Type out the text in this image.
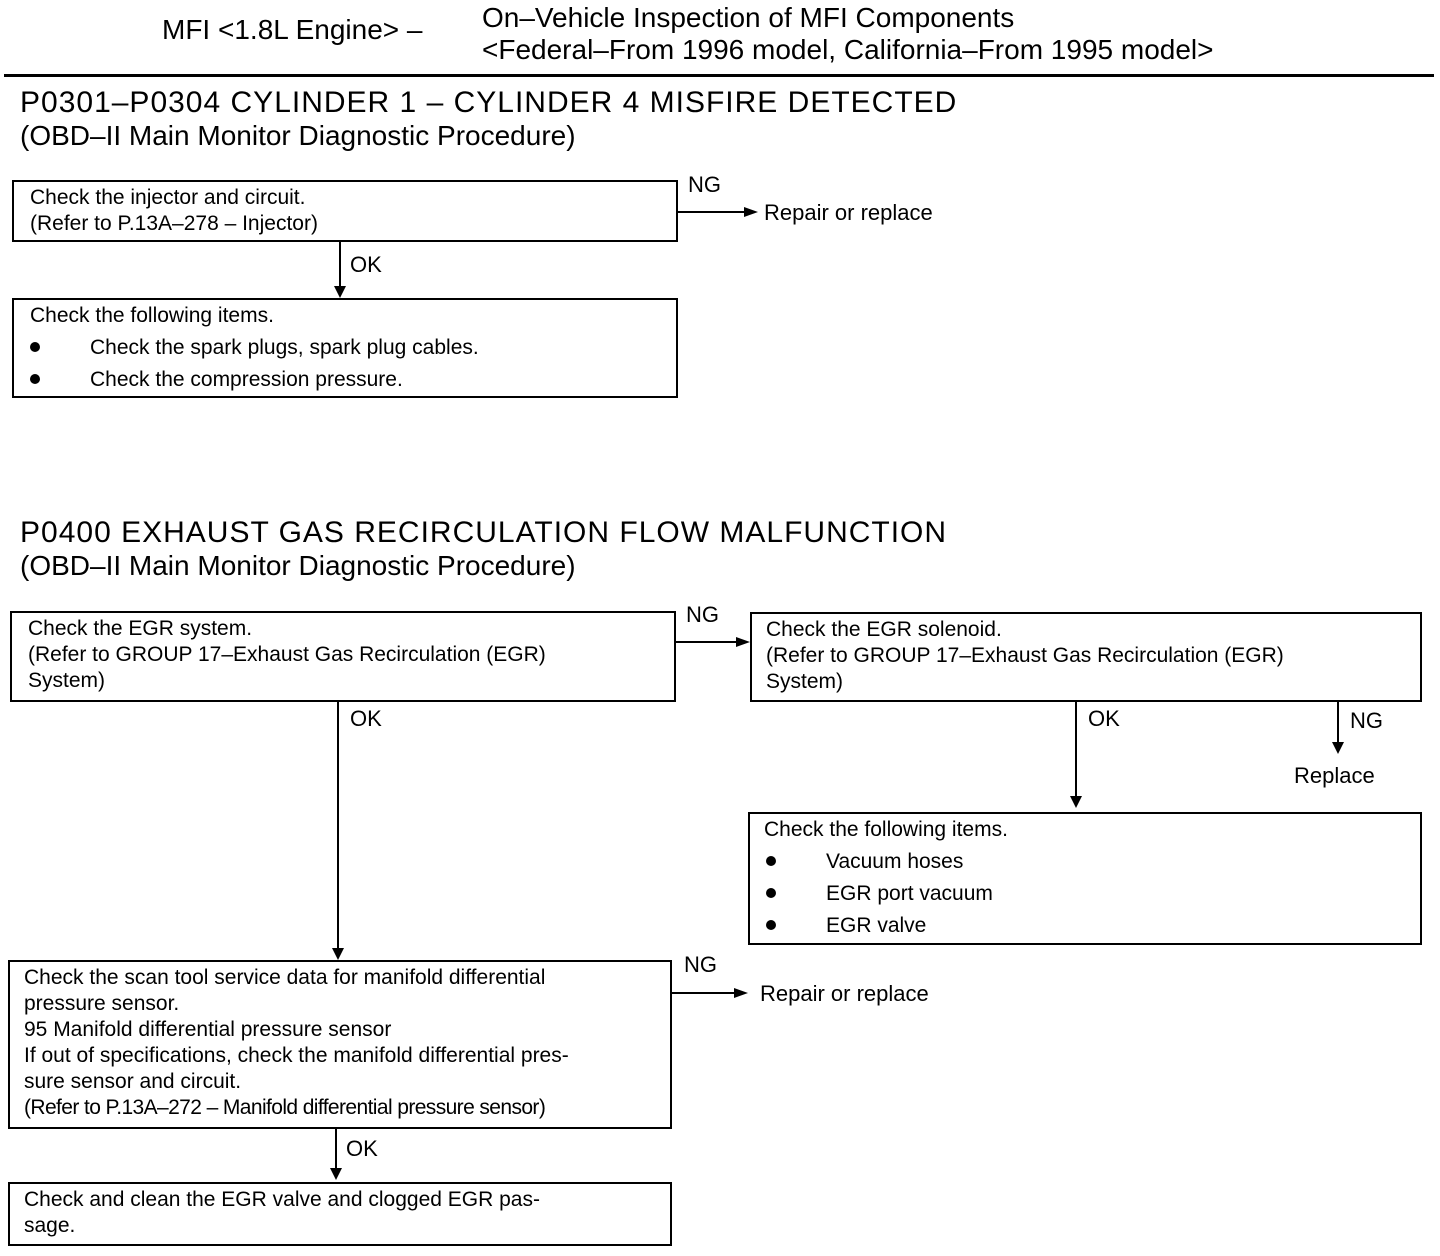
MFI <1.8L Engine> – On–Vehicle Inspection of MFI Components
<Federal–From 1996 model, California–From 1995 model>
P0301–P0304 CYLINDER 1 – CYLINDER 4 MISFIRE DETECTED
(OBD–II Main Monitor Diagnostic Procedure)
Check the injector and circuit.
(Refer to P.13A–278 – Injector)
NG
Repair or replace
OK
Check the following items.
Check the spark plugs, spark plug cables.
Check the compression pressure.
P0400 EXHAUST GAS RECIRCULATION FLOW MALFUNCTION
(OBD–II Main Monitor Diagnostic Procedure)
Check the EGR system.
(Refer to GROUP 17–Exhaust Gas Recirculation (EGR)
System)
NG
Check the EGR solenoid.
(Refer to GROUP 17–Exhaust Gas Recirculation (EGR)
System)
OK	OK	NG
Replace
Check the following items.
Vacuum hoses
EGR port vacuum
EGR valve
Check the scan tool service data for manifold differential
pressure sensor.
95 Manifold differential pressure sensor
If out of specifications, check the manifold differential pres-
sure sensor and circuit.
(Refer to P.13A–272 – Manifold differential pressure sensor)
NG
Repair or replace
OK
Check and clean the EGR valve and clogged EGR pas-
sage.
